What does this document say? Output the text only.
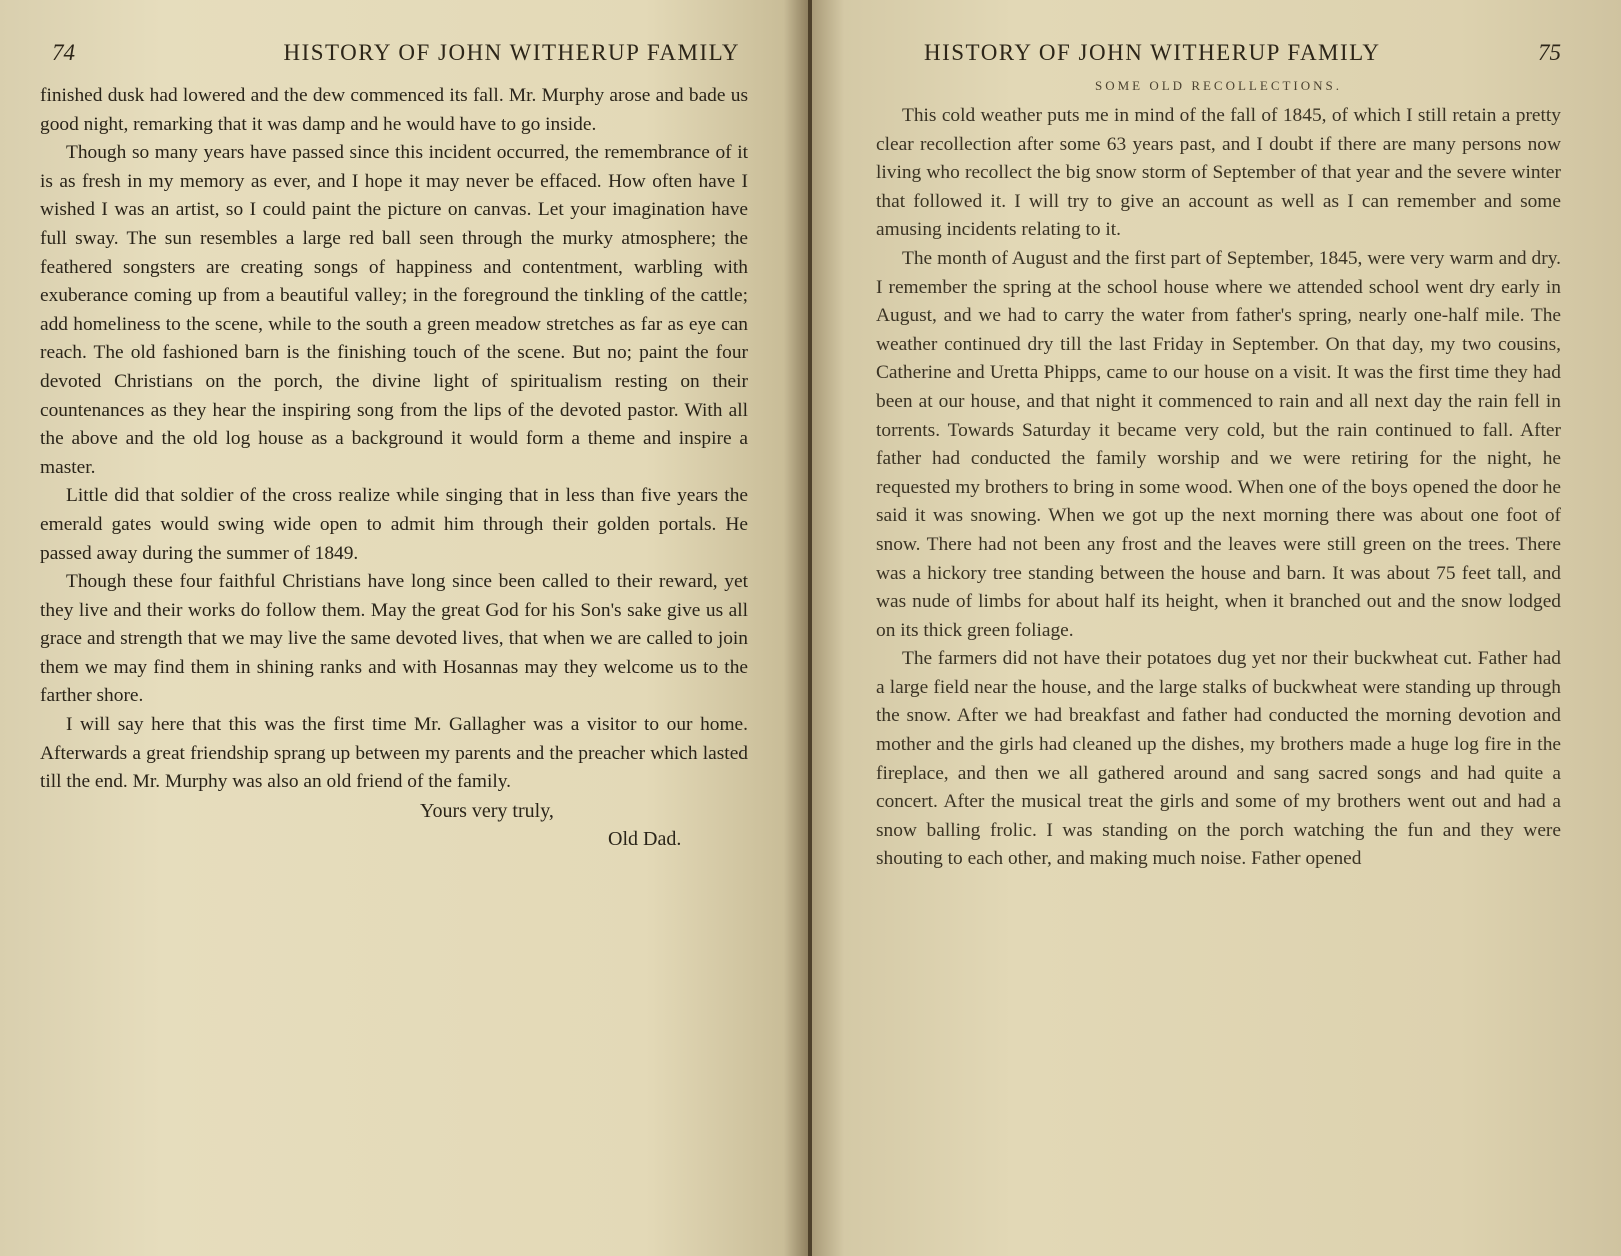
74	HISTORY OF JOHN WITHERUP FAMILY

finished dusk had lowered and the dew commenced its fall. Mr. Murphy arose and bade us good night, remarking that it was damp and he would have to go inside.

Though so many years have passed since this incident occurred, the remembrance of it is as fresh in my memory as ever, and I hope it may never be effaced. How often have I wished I was an artist, so I could paint the picture on canvas. Let your imagination have full sway. The sun resembles a large red ball seen through the murky atmosphere; the feathered songsters are creating songs of happiness and contentment, warbling with exuberance coming up from a beautiful valley; in the foreground the tinkling of the cattle; add homeliness to the scene, while to the south a green meadow stretches as far as eye can reach. The old fashioned barn is the finishing touch of the scene. But no; paint the four devoted Christians on the porch, the divine light of spiritualism resting on their countenances as they hear the inspiring song from the lips of the devoted pastor. With all the above and the old log house as a background it would form a theme and inspire a master.

Little did that soldier of the cross realize while singing that in less than five years the emerald gates would swing wide open to admit him through their golden portals. He passed away during the summer of 1849.

Though these four faithful Christians have long since been called to their reward, yet they live and their works do follow them. May the great God for his Son's sake give us all grace and strength that we may live the same devoted lives, that when we are called to join them we may find them in shining ranks and with Hosannas may they welcome us to the farther shore.

I will say here that this was the first time Mr. Gallagher was a visitor to our home. Afterwards a great friendship sprang up between my parents and the preacher which lasted till the end. Mr. Murphy was also an old friend of the family.

Yours very truly,
Old Dad.
HISTORY OF JOHN WITHERUP FAMILY	75
SOME OLD RECOLLECTIONS.

This cold weather puts me in mind of the fall of 1845, of which I still retain a pretty clear recollection after some 63 years past, and I doubt if there are many persons now living who recollect the big snow storm of September of that year and the severe winter that followed it. I will try to give an account as well as I can remember and some amusing incidents relating to it.

The month of August and the first part of September, 1845, were very warm and dry. I remember the spring at the school house where we attended school went dry early in August, and we had to carry the water from father's spring, nearly one-half mile. The weather continued dry till the last Friday in September. On that day, my two cousins, Catherine and Uretta Phipps, came to our house on a visit. It was the first time they had been at our house, and that night it commenced to rain and all next day the rain fell in torrents. Towards Saturday it became very cold, but the rain continued to fall. After father had conducted the family worship and we were retiring for the night, he requested my brothers to bring in some wood. When one of the boys opened the door he said it was snowing. When we got up the next morning there was about one foot of snow. There had not been any frost and the leaves were still green on the trees. There was a hickory tree standing between the house and barn. It was about 75 feet tall, and was nude of limbs for about half its height, when it branched out and the snow lodged on its thick green foliage.

The farmers did not have their potatoes dug yet nor their buckwheat cut. Father had a large field near the house, and the large stalks of buckwheat were standing up through the snow. After we had breakfast and father had conducted the morning devotion and mother and the girls had cleaned up the dishes, my brothers made a huge log fire in the fireplace, and then we all gathered around and sang sacred songs and had quite a concert. After the musical treat the girls and some of my brothers went out and had a snow balling frolic. I was standing on the porch watching the fun and they were shouting to each other, and making much noise. Father opened
